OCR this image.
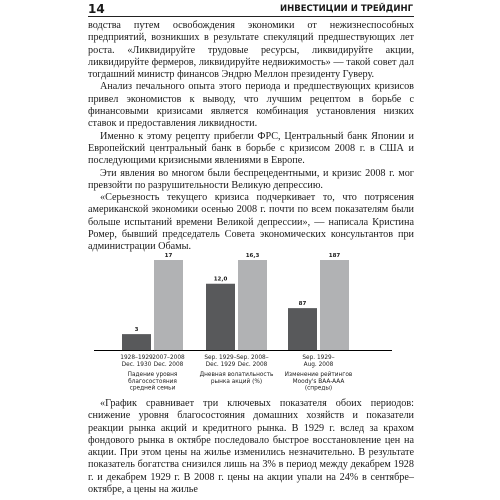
14	ИНВЕСТИЦИИ И ТРЕЙДИНГ

водства путем освобождения экономики от нежизнеспособных предприятий, возникших в результате спекуляций предшествующих лет роста. «Ликвидируйте трудовые ресурсы, ликвидируйте акции, ликвидируйте фермеров, ликвидируйте недвижимость» — такой совет дал тогдашний министр финансов Эндрю Меллон президенту Гуверу.

Анализ печального опыта этого периода и предшествующих кризисов привел экономистов к выводу, что лучшим рецептом в борьбе с финансовыми кризисами является комбинация установления низких ставок и предоставления ликвидности.

Именно к этому рецепту прибегли ФРС, Центральный банк Японии и Европейский центральный банк в борьбе с кризисом 2008 г. в США и последующими кризисными явлениями в Европе.

Эти явления во многом были беспрецедентными, и кризис 2008 г. мог превзойти по разрушительности Великую депрессию.

«Серьезность текущего кризиса подчеркивает то, что потрясения американской экономики осенью 2008 г. почти по всем показателям были больше испытаний времени Великой депрессии», — написала Кристина Ромер, бывший председатель Совета экономических консультантов при администрации Обамы.

3
1928–1929
Dec. 1930
17
2007–2008
Dec. 2008
Падение уровня
благосостояния
средней семьи
12,0
Sep. 1929–
Dec. 1929
16,3
Sep. 2008–
Dec. 2008
Дневная волатильность
рынка акций (%)
87
187
Sep. 1929–
Aug. 2008
Изменение рейтингов
Moody's BAA-AAA
(спреды)

«График сравнивает три ключевых показателя обоих периодов: снижение уровня благосостояния домашних хозяйств и показатели реакции рынка акций и кредитного рынка. В 1929 г. вслед за крахом фондового рынка в октябре последовало быстрое восстановление цен на акции. При этом цены на жилье изменились незначительно. В результате показатель богатства снизился лишь на 3% в период между декабрем 1928 г. и декабрем 1929 г. В 2008 г. цены на акции упали на 24% в сентябре–октябре, а цены на жилье
